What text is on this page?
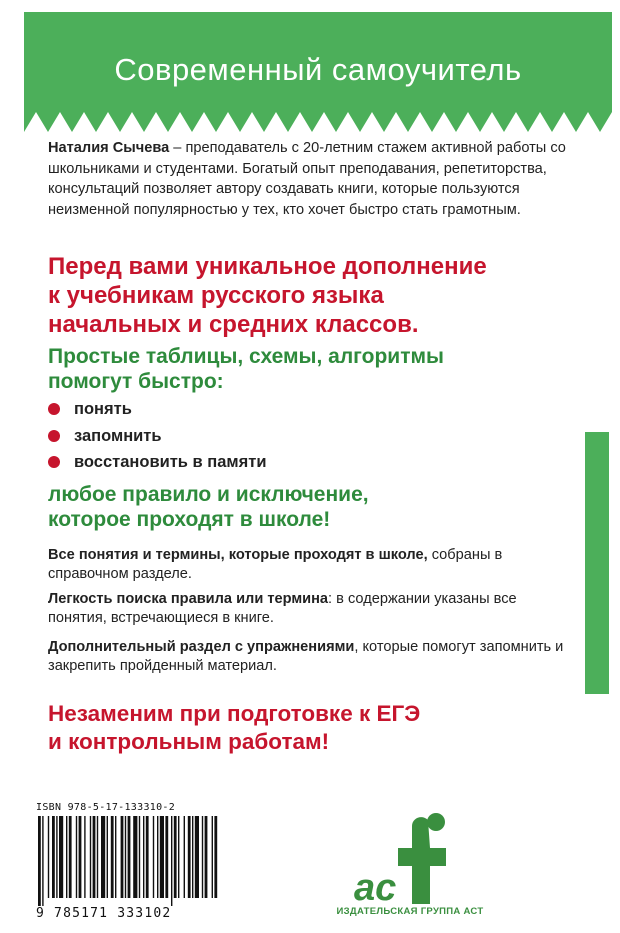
Современный самоучитель
Наталия Сычева – преподаватель с 20-летним стажем активной работы со школьниками и студентами. Богатый опыт преподавания, репетиторства, консультаций позволяет автору создавать книги, которые пользуются неизменной популярностью у тех, кто хочет быстро стать грамотным.
Перед вами уникальное дополнение
к учебникам русского языка
начальных и средних классов.
Простые таблицы, схемы, алгоритмы
помогут быстро:
понять
запомнить
восстановить в памяти
любое правило и исключение,
которое проходят в школе!
Все понятия и термины, которые проходят в школе, собраны в справочном разделе.
Легкость поиска правила или термина: в содержании указаны все понятия, встречающиеся в книге.
Дополнительный раздел с упражнениями, которые помогут запомнить и закрепить пройденный материал.
Незаменим при подготовке к ЕГЭ
и контрольным работам!
ISBN 978-5-17-133310-2
9 785171 333102
ас
ИЗДАТЕЛЬСКАЯ ГРУППА АСТ
